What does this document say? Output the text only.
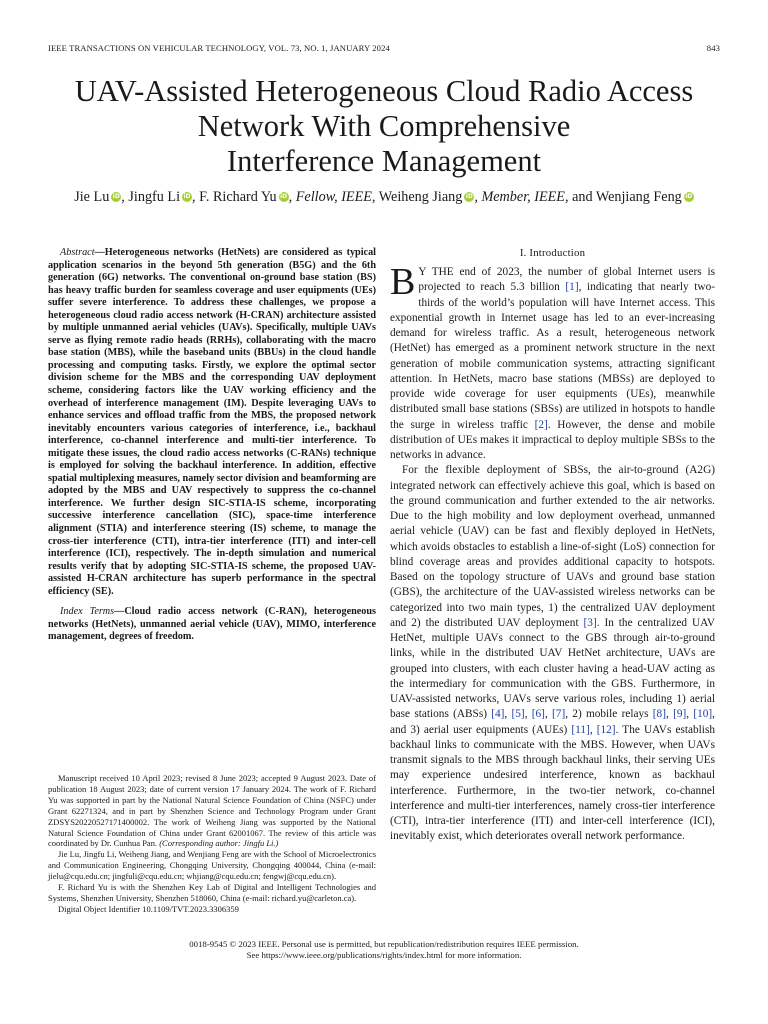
IEEE TRANSACTIONS ON VEHICULAR TECHNOLOGY, VOL. 73, NO. 1, JANUARY 2024	843
UAV-Assisted Heterogeneous Cloud Radio Access
Network With Comprehensive
Interference Management
Jie Lu iD, Jingfu Li iD, F. Richard Yu iD, Fellow, IEEE, Weiheng Jiang iD, Member, IEEE, and Wenjiang Feng iD

Abstract—Heterogeneous networks (HetNets) are considered as typical application scenarios in the beyond 5th generation (B5G) and the 6th generation (6G) networks. The conventional on-ground base station (BS) has heavy traffic burden for seamless coverage and user equipments (UEs) suffer severe interference. To address these challenges, we propose a heterogeneous cloud radio access network (H-CRAN) architecture assisted by multiple unmanned aerial vehicles (UAVs). Specifically, multiple UAVs serve as flying remote radio heads (RRHs), collaborating with the macro base station (MBS), while the baseband units (BBUs) in the cloud handle processing and computing tasks. Firstly, we explore the optimal sector division scheme for the MBS and the corresponding UAV deployment scheme, considering factors like the UAV working efficiency and the overhead of interference management (IM). Despite leveraging UAVs to enhance services and offload traffic from the MBS, the proposed network inevitably encounters various categories of interference, i.e., backhaul interference, co-channel interference and multi-tier interference. To mitigate these issues, the cloud radio access networks (C-RANs) technique is employed for solving the backhaul interference. In addition, effective spatial multiplexing measures, namely sector division and beamforming are adopted by the MBS and UAV respectively to suppress the co-channel interference. We further design SIC-STIA-IS scheme, incorporating successive interference cancellation (SIC), space-time interference alignment (STIA) and interference steering (IS) scheme, to manage the cross-tier interference (CTI), intra-tier interference (ITI) and inter-cell interference (ICI), respectively. The in-depth simulation and numerical results verify that by adopting SIC-STIA-IS scheme, the proposed UAV-assisted H-CRAN architecture has superb performance in the spectral efficiency (SE).

Index Terms—Cloud radio access network (C-RAN), heterogeneous networks (HetNets), unmanned aerial vehicle (UAV), MIMO, interference management, degrees of freedom.

Manuscript received 10 April 2023; revised 8 June 2023; accepted 9 August 2023. Date of publication 18 August 2023; date of current version 17 January 2024. The work of F. Richard Yu was supported in part by the National Natural Science Foundation of China (NSFC) under Grant 62271324, and in part by Shenzhen Science and Technology Program under Grant ZDSYS20220527171400002. The work of Weiheng Jiang was supported by the National Natural Science Foundation of China under Grant 62001067. The review of this article was coordinated by Dr. Cunhua Pan. (Corresponding author: Jingfu Li.)

Jie Lu, Jingfu Li, Weiheng Jiang, and Wenjiang Feng are with the School of Microelectronics and Communication Engineering, Chongqing University, Chongqing 400044, China (e-mail: jielu@cqu.edu.cn; jingfuli@cqu.edu.cn; whjiang@cqu.edu.cn; fengwj@cqu.edu.cn).

F. Richard Yu is with the Shenzhen Key Lab of Digital and Intelligent Technologies and Systems, Shenzhen University, Shenzhen 518060, China (e-mail: richard.yu@carleton.ca).

Digital Object Identifier 10.1109/TVT.2023.3306359

I. Introduction

B Y THE end of 2023, the number of global Internet users is projected to reach 5.3 billion [1], indicating that nearly two-thirds of the world’s population will have Internet access. This exponential growth in Internet usage has led to an ever-increasing demand for wireless traffic. As a result, heterogeneous network (HetNet) has emerged as a prominent network structure in the next generation of mobile communication systems, attracting significant attention. In HetNets, macro base stations (MBSs) are deployed to provide wide coverage for user equipments (UEs), meanwhile distributed small base stations (SBSs) are utilized in hotspots to handle the surge in wireless traffic [2]. However, the dense and mobile distribution of UEs makes it impractical to deploy multiple SBSs to the networks in advance.

For the flexible deployment of SBSs, the air-to-ground (A2G) integrated network can effectively achieve this goal, which is based on the ground communication and further extended to the air networks. Due to the high mobility and low deployment overhead, unmanned aerial vehicle (UAV) can be fast and flexibly deployed in HetNets, which avoids obstacles to establish a line-of-sight (LoS) connection for blind coverage areas and provides additional capacity to hotspots. Based on the topology structure of UAVs and ground base station (GBS), the architecture of the UAV-assisted wireless networks can be categorized into two main types, 1) the centralized UAV deployment and 2) the distributed UAV deployment [3]. In the centralized UAV HetNet, multiple UAVs connect to the GBS through air-to-ground links, while in the distributed UAV HetNet architecture, UAVs are grouped into clusters, with each cluster having a head-UAV acting as the intermediary for communication with the GBS. Furthermore, in UAV-assisted networks, UAVs serve various roles, including 1) aerial base stations (ABSs) [4], [5], [6], [7], 2) mobile relays [8], [9], [10], and 3) aerial user equipments (AUEs) [11], [12]. The UAVs establish backhaul links to communicate with the MBS. However, when UAVs transmit signals to the MBS through backhaul links, their serving UEs may experience undesired interference, known as backhaul interference. Furthermore, in the two-tier network, co-channel interference and multi-tier interferences, namely cross-tier interference (CTI), intra-tier interference (ITI) and inter-cell interference (ICI), inevitably exist, which deteriorates overall network performance.

0018-9545 © 2023 IEEE. Personal use is permitted, but republication/redistribution requires IEEE permission.
See https://www.ieee.org/publications/rights/index.html for more information.
